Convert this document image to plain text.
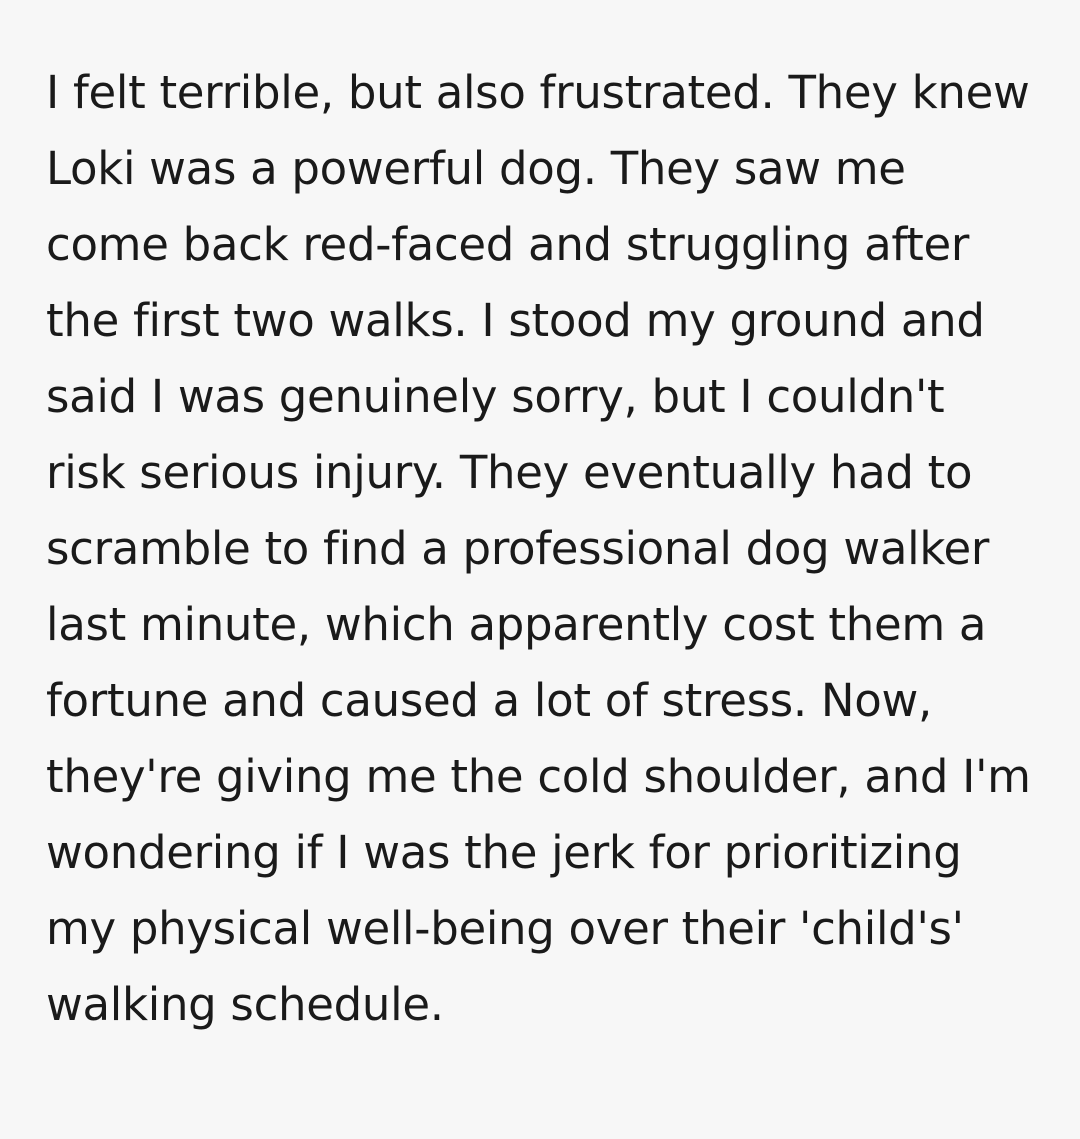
I felt terrible, but also frustrated. They knew Loki was a powerful dog. They saw me come back red-faced and struggling after the first two walks. I stood my ground and said I was genuinely sorry, but I couldn't risk serious injury. They eventually had to scramble to find a professional dog walker last minute, which apparently cost them a fortune and caused a lot of stress. Now, they're giving me the cold shoulder, and I'm wondering if I was the jerk for prioritizing my physical well-being over their 'child's' walking schedule.
